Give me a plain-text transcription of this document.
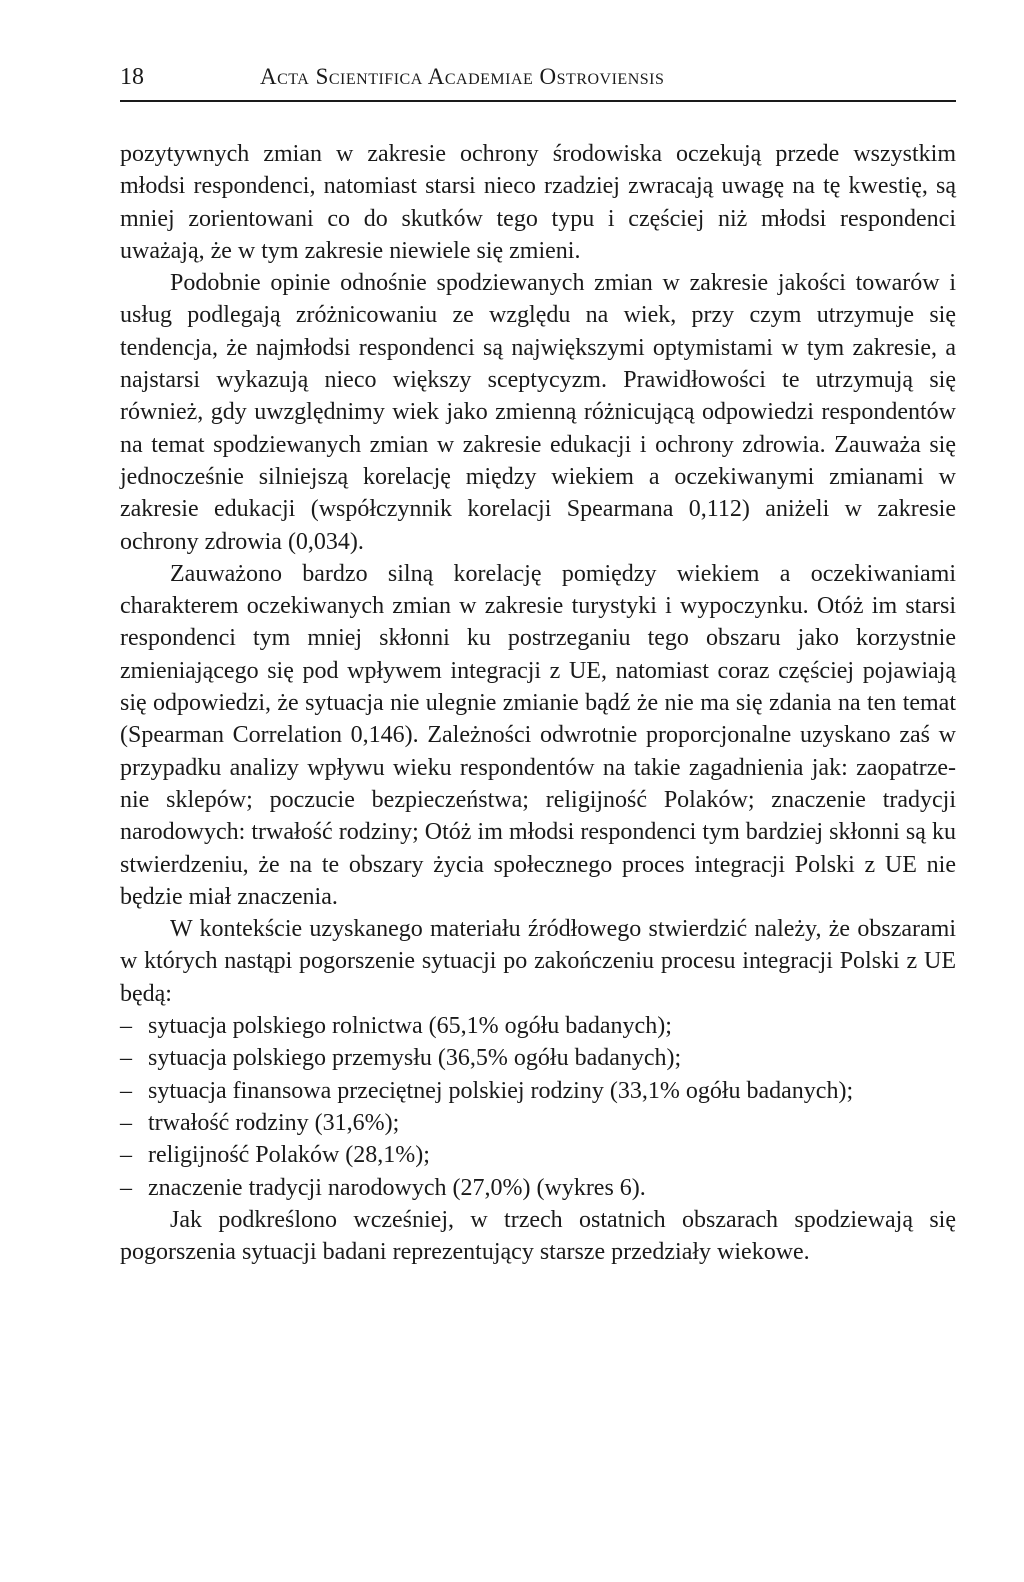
18	Acta Scientifica Academiae Ostroviensis

pozytywnych zmian w zakresie ochrony środowiska oczekują przede wszystkim młodsi respondenci, natomiast starsi nieco rzadziej zwracają uwagę na tę kwestię, są mniej zorientowani co do skutków tego typu i częściej niż młodsi respondenci uważają, że w tym zakresie niewiele się zmieni.

Podobnie opinie odnośnie spodziewanych zmian w zakresie jakości towarów i usług podlegają zróżnicowaniu ze względu na wiek, przy czym utrzymuje się tendencja, że najmłodsi respondenci są największymi optymistami w tym zakresie, a najstarsi wykazują nieco większy sceptycyzm. Prawidłowości te utrzymują się również, gdy uwzględnimy wiek jako zmienną różnicującą odpowiedzi respondentów na temat spodziewanych zmian w zakresie edukacji i ochrony zdrowia. Zauważa się jednocześnie silniejszą korelację między wiekiem a oczekiwanymi zmianami w zakresie edukacji (współczynnik korelacji Spearmana 0,112) aniżeli w zakresie ochrony zdrowia (0,034).

Zauważono bardzo silną korelację pomiędzy wiekiem a oczekiwaniami charakterem oczekiwanych zmian w zakresie turystyki i wypoczynku. Otóż im starsi respondenci tym mniej skłonni ku postrzeganiu tego obszaru jako korzystnie zmieniającego się pod wpływem integracji z UE, natomiast coraz częściej pojawiają się odpowiedzi, że sytuacja nie ulegnie zmianie bądź że nie ma się zdania na ten temat (Spearman Correlation 0,146). Zależności odwrotnie proporcjonalne uzyskano zaś w przypadku analizy wpływu wieku respondentów na takie zagadnienia jak: zaopatrzenie sklepów; poczucie bezpieczeństwa; religijność Polaków; znaczenie tradycji narodowych: trwałość rodziny; Otóż im młodsi respondenci tym bardziej skłonni są ku stwierdzeniu, że na te obszary życia społecznego proces integracji Polski z UE nie będzie miał znaczenia.

W kontekście uzyskanego materiału źródłowego stwierdzić należy, że obszarami w których nastąpi pogorszenie sytuacji po zakończeniu procesu integracji Polski z UE będą:

– sytuacja polskiego rolnictwa (65,1% ogółu badanych);
– sytuacja polskiego przemysłu (36,5% ogółu badanych);
– sytuacja finansowa przeciętnej polskiej rodziny (33,1% ogółu badanych);
– trwałość rodziny (31,6%);
– religijność Polaków (28,1%);
– znaczenie tradycji narodowych (27,0%) (wykres 6).

Jak podkreślono wcześniej, w trzech ostatnich obszarach spodziewają się pogorszenia sytuacji badani reprezentujący starsze przedziały wiekowe.
